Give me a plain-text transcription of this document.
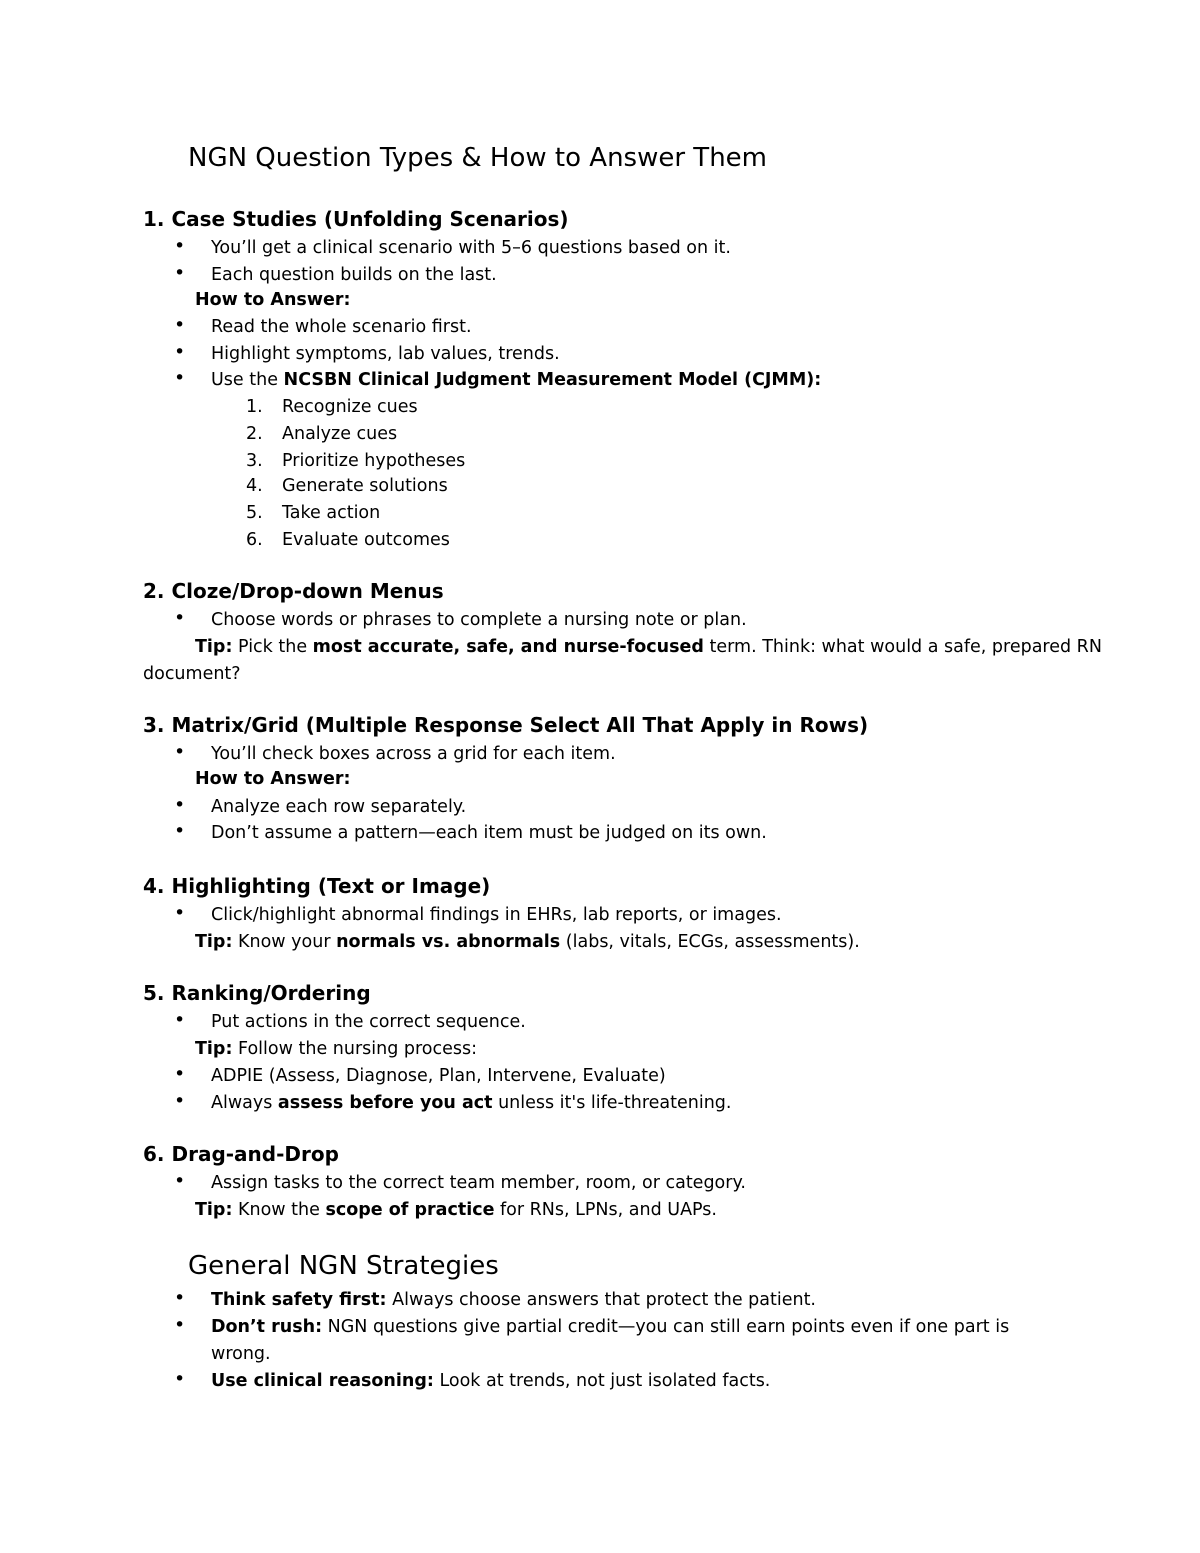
NGN Question Types & How to Answer Them
1. Case Studies (Unfolding Scenarios)
• You’ll get a clinical scenario with 5–6 questions based on it.
• Each question builds on the last.
How to Answer:
• Read the whole scenario first.
• Highlight symptoms, lab values, trends.
• Use the NCSBN Clinical Judgment Measurement Model (CJMM):
1.	Recognize cues
2.	Analyze cues
3.	Prioritize hypotheses
4.	Generate solutions
5.	Take action
6.	Evaluate outcomes
2. Cloze/Drop-down Menus
• Choose words or phrases to complete a nursing note or plan.
Tip: Pick the most accurate, safe, and nurse-focused term. Think: what would a safe, prepared RN
document?
3. Matrix/Grid (Multiple Response Select All That Apply in Rows)
• You’ll check boxes across a grid for each item.
How to Answer:
• Analyze each row separately.
• Don’t assume a pattern—each item must be judged on its own.
4. Highlighting (Text or Image)
• Click/highlight abnormal findings in EHRs, lab reports, or images.
Tip: Know your normals vs. abnormals (labs, vitals, ECGs, assessments).
5. Ranking/Ordering
• Put actions in the correct sequence.
Tip: Follow the nursing process:
• ADPIE (Assess, Diagnose, Plan, Intervene, Evaluate)
• Always assess before you act unless it's life-threatening.
6. Drag-and-Drop
• Assign tasks to the correct team member, room, or category.
Tip: Know the scope of practice for RNs, LPNs, and UAPs.
General NGN Strategies
• Think safety first: Always choose answers that protect the patient.
• Don’t rush: NGN questions give partial credit—you can still earn points even if one part is
wrong.
• Use clinical reasoning: Look at trends, not just isolated facts.
